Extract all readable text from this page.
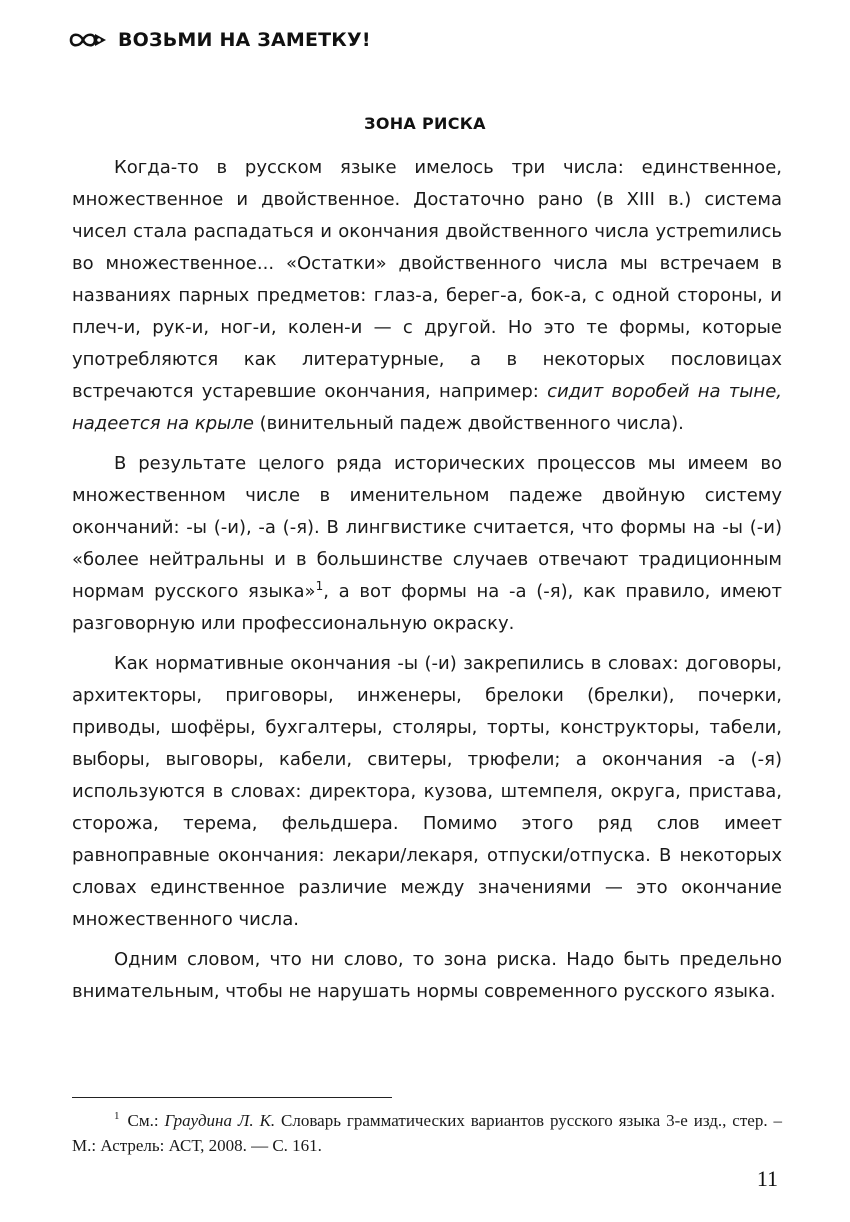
ВОЗЬМИ НА ЗАМЕТКУ!
ЗОНА РИСКА

Когда-то в русском языке имелось три числа: единственное, множественное и двойственное. Достаточно рано (в XIII в.) система чисел стала распадаться и окончания двойственного числа устреmились во множественное... «Остатки» двойственного числа мы встречаем в названиях парных предметов: глаз-а, берег-а, бок-а, с одной стороны, и плеч-и, рук-и, ног-и, колен-и — с другой. Но это те формы, которые употребляются как литературные, а в некоторых пословицах встречаются устаревшие окончания, например: сидит воробей на тыне, надеется на крыле (винительный падеж двойственного числа).

В результате целого ряда исторических процессов мы имеем во множественном числе в именительном падеже двойную систему окончаний: -ы (-и), -а (-я). В лингвистике считается, что формы на -ы (-и) «более нейтральны и в большинстве случаев отвечают традиционным нормам русского языка»$^1$, а вот формы на -а (-я), как правило, имеют разговорную или профессиональную окраску.

Как нормативные окончания -ы (-и) закрепились в словах: договоры, архитекторы, приговоры, инженеры, брелоки (брелки), почерки, приводы, шофёры, бухгалтеры, столяры, торты, конструкторы, табели, выборы, выговоры, кабели, свитеры, трюфели; а окончания -а (-я) используются в словах: директора, кузова, штемпеля, округа, пристава, сторожа, терема, фельдшера. Помимо этого ряд слов имеет равноправные окончания: лекари/лекаря, отпуски/отпуска. В некоторых словах единственное различие между значениями — это окончание множественного числа.

Одним словом, что ни слово, то зона риска. Надо быть предельно внимательным, чтобы не нарушать нормы современного русского языка.

$^1$ См.: Граудина Л. К. Словарь грамматических вариантов русского языка 3-е изд., стер. – М.: Астрель: АСТ, 2008. — С. 161.
11
